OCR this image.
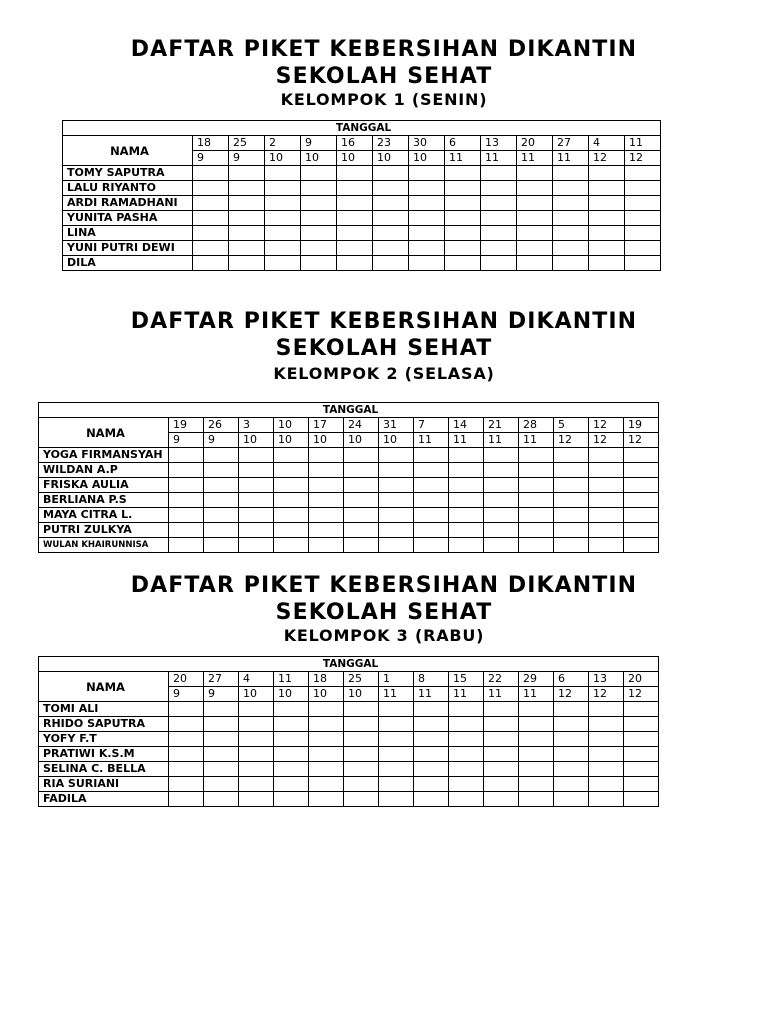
DAFTAR PIKET KEBERSIHAN DIKANTIN

SEKOLAH SEHAT

KELOMPOK 1 (SENIN)

TANGGAL													
NAMA	18	25	2	9	16	23	30	6	13	20	27	4	11
	9	9	10	10	10	10	10	11	11	11	11	12	12
TOMY SAPUTRA													
LALU RIYANTO													
ARDI RAMADHANI													
YUNITA PASHA													
LINA													
YUNI PUTRI DEWI													
DILA													

DAFTAR PIKET KEBERSIHAN DIKANTIN

SEKOLAH SEHAT

KELOMPOK 2 (SELASA)

TANGGAL														
NAMA	19	26	3	10	17	24	31	7	14	21	28	5	12	19
	9	9	10	10	10	10	10	11	11	11	11	12	12	12
YOGA FIRMANSYAH														
WILDAN A.P														
FRISKA AULIA														
BERLIANA P.S														
MAYA CITRA L.														
PUTRI ZULKYA														
WULAN KHAIRUNNISA														

DAFTAR PIKET KEBERSIHAN DIKANTIN

SEKOLAH SEHAT

KELOMPOK 3 (RABU)

TANGGAL														
NAMA	20	27	4	11	18	25	1	8	15	22	29	6	13	20
	9	9	10	10	10	10	11	11	11	11	11	12	12	12
TOMI ALI														
RHIDO SAPUTRA														
YOFY F.T														
PRATIWI K.S.M														
SELINA C. BELLA														
RIA SURIANI														
FADILA														
